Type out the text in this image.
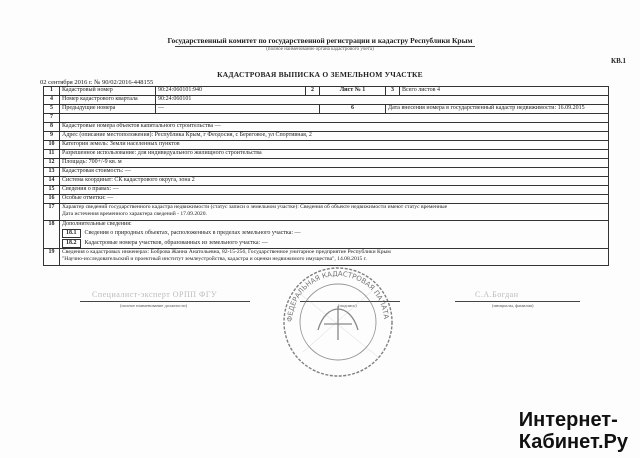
Государственный комитет по государственной регистрации и кадастру Республики Крым
(полное наименование органа кадастрового учета)
КВ.1
КАДАСТРОВАЯ ВЫПИСКА О ЗЕМЕЛЬНОМ УЧАСТКЕ
02 сентября 2016 г. № 90/02/2016-448155
1	Кадастровый номер	90:24:060101:940	2	Лист № 1	3	Всего листов 4
4	Номер кадастрового квартала	90:24:060101				
5	Предыдущие номера	—		6	Дата внесения номера в государственный кадастр недвижимости: 16.09.2015	
7						
8	Кадастровые номера объектов капитального строительства —					
9	Адрес (описание местоположения): Республика Крым, г Феодосия, с Береговое, ул Спортивная, 2					
10	Категория земель: Земли населенных пунктов					
11	Разрешенное использование: для индивидуального жилищного строительства					
12	Площадь: 700+/-9 кв. м					
13	Кадастровая стоимость: —					
14	Система координат: СК кадастрового округа, зона 2					
15	Сведения о правах: —					
16	Особые отметки: —					
17	Характер сведений государственного кадастра недвижимости (статус записи о земельном участке): Сведения об объекте недвижимости имеют статус временные
Дата истечения временного характера сведений - 17.09.2020.					

18	Дополнительные сведения:
18.1 Сведения о природных объектах, расположенных в пределах земельного участка: —
18.2 Кадастровые номера участков, образованных из земельного участка: —					

19	Сведения о кадастровых инженерах: Боброва Жанна Анатольевна, 82-15-256, Государственное унитарное предприятие Республики Крым
"Научно-исследовательский и проектный институт землеустройства, кадастра и оценки недвижимого имущества", 14.08.2015 г.					
Специалист-эксперт ОРПП ФГУ
(полное наименование должности)	(подпись)
С.А.Богдан
(инициалы, фамилия)
ФЕДЕРАЛЬНАЯ КАДАСТРОВАЯ ПАЛАТА
Интернет-
Кабинет.Ру
